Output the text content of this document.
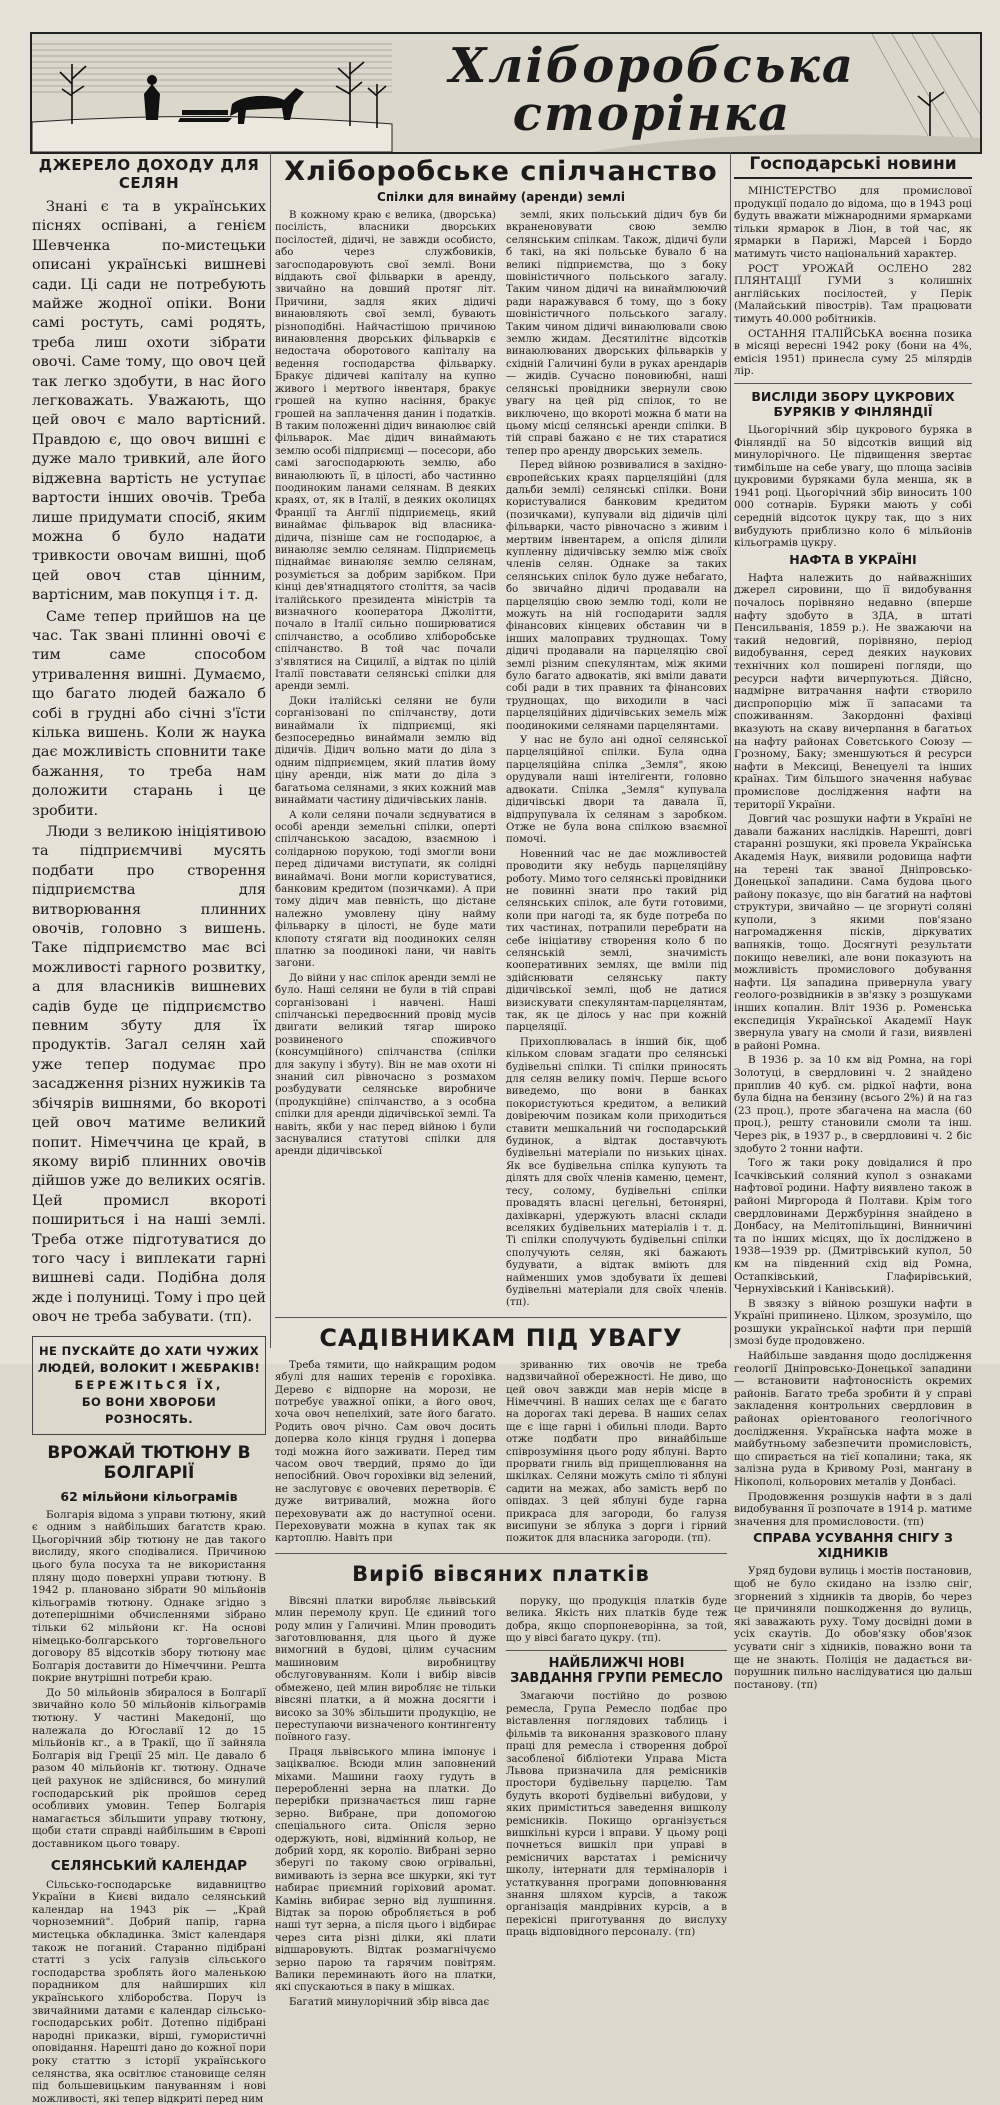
Хліборобська
сторінка
ДЖЕРЕЛО ДОХОДУ ДЛЯ СЕЛЯН

Знані є та в українських піснях оспівані, а генієм Шевченка по-мистецьки описані українські вишневі сади. Ці сади не потребують майже жодної опіки. Вони самі ростуть, самі родять, треба лиш охоти зібрати овочі. Саме тому, що овоч цей так легко здобути, в нас його легковажать. Уважають, що цей овоч є мало вартісний. Правдою є, що овоч вишні є дуже мало тривкий, але його віджевна вартість не уступає вартости інших овочів. Треба лише придумати спосіб, яким можна б було надати тривкости овочам вишні, щоб цей овоч став цінним, вартісним, мав покупця і т. д.

Саме тепер прийшов на це час. Так звані плинні овочі є тим саме способом утривалення вишні. Думаємо, що багато людей бажало б собі в грудні або січні з'їсти кілька вишень. Коли ж наука дає можливість сповнити таке бажання, то треба нам доложити старань і це зробити.

Люди з великою ініціятивою та підприємчиві мусять подбати про створення підприємства для витворювання плинних овочів, головно з вишень. Таке підприємство має всі можливості гарного розвитку, а для власників вишневих садів буде це підприємство певним збуту для їх продуктів. Загал селян хай уже тепер подумає про засадження різних нужиків та збічярів вишнями, бо вкороті цей овоч матиме великий попит. Німеччина це край, в якому виріб плинних овочів дійшов уже до великих осягів. Цей промисл вкороті пошириться і на наші землі. Треба отже підготуватися до того часу і виплекати гарні вишневі сади. Подібна доля жде і полуниці. Тому і про цей овоч не треба забувати. (тп).

НЕ ПУСКАЙТЕ ДО ХАТИ ЧУЖИХ ЛЮДЕЙ, ВОЛОКИТ І ЖЕБРАКІВ!
БЕРЕЖІТЬСЯ ЇХ,
БО ВОНИ ХВОРОБИ РОЗНОСЯТЬ.
ВРОЖАЙ ТЮТЮНУ В БОЛГАРІЇ
62 мільйони кільограмів

Болгарія відома з управи тютюну, який є одним з найбільших багатств краю. Цьогорічний збір тютюну не дав такого вислиду, якого сподівалися. Причиною цього була посуха та не використання пляну щодо поверхні управи тютюну. В 1942 р. плановано зібрати 90 мільйонів кільограмів тютюну. Однаке згідно з дотеперішніми обчисленнями зібрано тільки 62 мільйони кг. На основі німецько-болгарського торговельного договору 85 відсотків збору тютюну має Болгарія доставити до Німеччини. Решта покрие внутрішні потреби краю.

До 50 мільйонів збиралося в Болгарії звичайно коло 50 мільйонів кільограмів тютюну. У частині Македонії, що належала до Югославії 12 до 15 мільйонів кг., а в Тракії, що її зайняла Болгарія від Греції 25 міл. Це давало б разом 40 мільйонів кг. тютюну. Одначе цей рахунок не здійснився, бо минулий господарський рік пройшов серед особливих умовин. Тепер Болгарія намагається збільшити управу тютюну, щоби стати справді найбільшим в Європі доставником цього товару.

СЕЛЯНСЬКИЙ КАЛЕНДАР

Сільсько-господарське видавництво України в Києві видало селянський календар на 1943 рік — „Край чорноземний". Добрий папір, гарна мистецька обкладинка. Зміст календаря також не поганий. Старанно підібрані статті з усіх галузів сільського господарства зроблять його маленькою порадником для найширших кіл українського хліборобства. Поруч із звичайними датами є календар сільсько-господарських робіт. Дотепно підібрані народні приказки, вірші, гумористичні оповідання. Нарешті дано до кожної пори року статтю з історії українського селянства, яка освітлює становище селян під большевицьким пануванням і нові можливості, які тепер відкриті перед ним

Хліборобське спілчанство
Спілки для винайму (аренди) землі

В кожному краю є велика, (дворська) посілість, власники дворських посілостей, дідичі, не завжди особисто, або через службовиків, загосподаровують свої землі. Вони віддають свої фільварки в аренду, звичайно на довший протяг літ. Причини, задля яких дідичі винаювляють свої землі, бувають різноподібні. Найчастішою причиною винаювлення дворських фільварків є недостача оборотового капіталу на ведення господарства фільварку. Бракує дідичеві капіталу на купно живого і мертвого інвентаря, бракує грошей на купно насіння, бракує грошей на заплачення данин і податків. В таким положенні дідич винаюлює свій фільварок. Має дідич винаймають землю особі підприємці — посесори, або самі загосподарюють землю, або винаюлюють її, в цілості, або частинно поодиноким ланами селянам. В деяких краях, от, як в Італії, в деяких околицях Франції та Англії підприємець, який винаймає фільварок від власника-дідича, пізніше сам не господарює, а винаюляє землю селянам. Підприємець піднаймає винаюляє землю селянам, розуміється за добрим зарібком. При кінці дев'ятнадцятого століття, за часів італійського президента міністрів та визначного кооператора Джолітти, почало в Італії сильно поширюватися спілчанство, а особливо хліборобське спілчанство. В той час почали з'являтися на Сицилії, а відтак по цілій Італії повставати селянські спілки для аренди землі.

Доки італійські селяни не були сорганізовані по спілчанству, доти винаймали їх підприємці, які безпосередньо винаймали землю від дідичів. Дідич вольно мати до діла з одним підприємцем, який платив йому ціну аренди, ніж мати до діла з багатьома селянами, з яких кожний мав винаймати частину дідичівських ланів.

А коли селяни почали зєднуватися в особі аренди земельні спілки, оперті спілчанською засадою, взаємною і солідарною порукою, тоді змогли вони перед дідичами виступати, як солідні винаймачі. Вони могли користуватися, банковим кредитом (позичками). А при тому дідич мав певність, що дістане належно умовлену ціну найму фільварку в цілості, не буде мати клопоту стягати від поодиноких селян платню за поодинокі лани, чи навіть загони.

До війни у нас спілок аренди землі не було. Наші селяни не були в тій справі сорганізовані і навчені. Наші спілчанські передвоєнний провід мусів двигати великий тягар широко розвиненого споживчого (консумційного) спілчанства (спілки для закупу і збуту). Він не мав охоти ні знаний сил рівночасно з розмахом розбудувати селянське виробниче (продукційне) спілчанство, а з особна спілки для аренди дідичівської землі. Та навіть, якби у нас перед війною і були заснувалися статутові спілки для аренди дідичівської

землі, яких польський дідич був би вкраненовувати свою землю селянським спілкам. Також, дідичі були б такі, на які польське бувало б на великі підприємства, що з боку шовіністичного польського загалу. Таким чином дідичі на винаймлюючий ради наражувався б тому, що з боку шовіністичного польського загалу. Таким чином дідичі винаюлювали свою землю жидам. Десятилітнє відсотків винаюлюваних дворських фільварків у східній Галичині були в руках арендарів — жидів. Сучасно поновиюбні, наші селянські провідники звернули свою увагу на цей рід спілок, то не виключено, що вкороті можна б мати на цьому місці селянські аренди спілки. В тій справі бажано є не тих старатися тепер про аренду дворських земель.

Перед війною розвивалися в західно-європейських краях парцеляційні (для дальби землі) селянські спілки. Вони користувалися банковим кредитом (позичками), купували від дідичів цілі фільварки, часто рівночасно з живим і мертвим інвентарем, а опісля ділили купленну дідичівську землю між своїх членів селян. Однаке за таких селянських спілок було дуже небагато, бо звичайно дідичі продавали на парцеляцію свою землю тоді, коли не можуть на ній господарити задля фінансових кінцевих обставин чи в інших малоправих труднощах. Тому дідичі продавали на парцеляцію свої землі різним спекулянтам, між якими було багато адвокатів, які вміли давати собі ради в тих правних та фінансових труднощах, що виходили в часі парцеляційних дідичівських земель між поодинокими селянами парцелянтами.

У нас не було ані одної селянської парцеляційної спілки. Була одна парцеляційна спілка „Земля", якою орудували наші інтелігенти, головно адвокати. Спілка „Земля" купувала дідичівські двори та давала її, відпрупувала їх селянам з заробком. Отже не була вона спілкою взаємної помочі.

Новенний час не дає можливостей проводити яку небудь парцеляційну роботу. Мимо того селянські провідники не повинні знати про такий рід селянських спілок, але бути готовими, коли при нагоді та, як буде потреба по тих частинах, потрапили перебрати на себе ініціативу створення коло б по селянській землі, значимість кооперативних землях, ще вміли під здійснювати селянську пакту дідичівської землі, щоб не датися визискувати спекулянтам-парцелянтам, так, як це ділось у нас при кожній парцеляції.

Прихоплювалась в інший бік, щоб кільком словам згадати про селянські будівельні спілки. Ті спілки приносять для селян велику поміч. Перше всього виведемо, що вони в банках покористуються кредитом, а великий довіреючим позикам коли приходиться ставити мешкальний чи господарський будинок, а відтак доставчують будівельні матеріали по низьких цінах. Як все будівельна спілка купують та ділять для своїх членів каменю, цемент, тесу, солому, будівельні спілки провадять власні цегельні, бетонярні, дахівкарні, удержують власні склади вселяких будівельних матеріалів і т. д. Ті спілки сполучують будівельні спілки сполучують селян, які бажають будувати, а відтак вміють для найменших умов здобувати їх дешеві будівельні матеріали для своїх членів. (тп).

САДІВНИКАМ ПІД УВАГУ

Треба тямити, що найкращим родом ябулі для наших теренів є горохівка. Дерево є відпорне на морози, не потребує уважної опіки, а його овоч, хоча овоч непеліхий, зате його багато. Родить овоч річно. Сам овоч досить доперва коло кінця грудня і доперва тоді можна його заживати. Перед тим часом овоч твердий, прямо до їди непосібний. Овоч горохівки від зелений, не заслуговує є овочевих перетворів. Є дуже витривалий, можна його переховувати аж до наступної осени. Переховувати можна в купах так як картоплю. Навіть при

зриванню тих овочів не треба надзвичайної обережності. Не диво, що цей овоч завжди мав нерів місце в Німеччині. В наших селах ще є багато на дорогах такі дерева. В наших селах ще є іще гарні і обильні плоди. Варто отже подбати про винайбільше співрозуміння цього роду яблуні. Варто прорвати гниль від прищеплювання на шкілках. Селяни можуть сміло ті яблуні садити на межах, або замість верб по опівдах. З цей яблуні буде гарна прикраса для загороди, бо галузя висипуни зе яблука з дорги і гірний пожиток для власника загороди. (тп).

Виріб вівсяних платків

Вівсяні платки виробляє львівський млин перемолу круп. Це єдиний того роду млин у Галичині. Млин проводить заготовлювання, для цього й дуже вимогний в будові, цілим сучасним машиновим виробництву обслуговуванням. Коли і вибір вівсів обмежено, цей млин виробляє не тільки вівсяні платки, а й можна досягти і високо за 30% збільшити продукцію, не переступаючи визначеного контингенту поївного газу.

Праця львівського млина імпонує і заціквалює. Всюди млин заповнений міхами. Машини гаоху гудуть в переробленні зерна на платки. До перерібки призначається лиш гарне зерно. Вибране, при допомогою спеціального сита. Опісля зерно одержують, нові, відмінний кольор, не добрий хорд, як короліо. Вибрані зерно зберугі по такому свою огрівальні, вимивають із зерна все шкурки, які тут набирає приємний горіховий аромат. Камінь вибирає зерно від лушпиння. Відтак за порою обробляється в роб наші тут зерна, а після цього і відбирає через сита різні ділки, які плати відшаровують. Відтак розмагнічуємо зерно парою та гарячим повітрям. Валики переминають його на платки, які спускаються в паку в мішках.

Багатий минулорічний збір вівса дає

поруку, що продукція платків буде велика. Якість них платків буде теж добра, якщо спорпоневорінна, за той, що у вівсі багато цукру. (тп).

НАЙБЛИЖЧІ НОВІ ЗАВДАННЯ ГРУПИ РЕМЕСЛО

Змагаючи постійно до розвою ремесла, Група Ремесло подбає про віставлення поглядових таблиць і фільмів та виконання зразкового плану праці для ремесла і створення доброї засобленої бібліотеки Управа Міста Львова призначила для ремісників простори будівельну парцелю. Там будуть вкороті будівельні вибудови, у яких приміститься заведення вишколу ремісників. Покищо організується вишкільні курси і вправи. У цьому році почнеться вишкіл при управі в ремісничих варстатах і ремісничу школу, інтернати для терміналорів і устаткування програми доповнювання знання шляхом курсів, а також організація мандрівних курсів, а в перекісні приготування до вислуху праць відповідного персоналу. (тп)

Господарські новини

МІНІСТЕРСТВО для промислової продукції подало до відома, що в 1943 році будуть вважати міжнародними ярмарками тільки ярмарок в Ліон, в той час, як ярмарки в Парижі, Марсей і Бордо матимуть чисто національний характер.

РОСТ УРОЖАЙ ОСЛЕНО 282 ПЛЯНТАЦІЇ ГУМИ з колишніх англійських посілостей, у Перік (Малайський півострів). Там працювати тимуть 40.000 робітників.

ОСТАННЯ ІТАЛІЙСЬКА воєнна позика в місяці вересні 1942 року (бони на 4%, емісія 1951) принесла суму 25 мілярдів лір.

ВИСЛІДИ ЗБОРУ ЦУКРОВИХ БУРЯКІВ У ФІНЛЯНДІЇ

Цьогорічний збір цукрового буряка в Фінляндії на 50 відсотків вищий від минулорічного. Це підвищення звертає тимбільше на себе увагу, що площа засівів цукровими буряками була менша, як в 1941 році. Цьогорічний збір виносить 100 000 сотнарів. Буряки мають у собі середній відсоток цукру так, що з них вибудують приблизно коло 6 мільйонів кільограмів цукру.

НАФТА В УКРАЇНІ

Нафта належить до найважніших джерел сировини, що її видобування почалось порівняно недавно (вперше нафту здобуто в ЗДА, в штаті Пенсильванія, 1859 р.). Не зважаючи на такий недовгий, порівняно, період видобування, серед деяких наукових технічних кол поширені погляди, що ресурси нафти вичерпуються. Дійсно, надмірне витрачання нафти створило диспропорцію між її запасами та споживанням. Закордонні фахівці вказують на скаву вичерпання в багатьох на нафту районах Совєтського Союзу — Грозному, Баку; зменшуються й ресурси нафти в Мексиці, Венецуелі та інших країнах. Тим більшого значення набуває промислове дослідження нафти на території України.

Довгий час розшуки нафти в Україні не давали бажаних наслідків. Нарешті, довгі старанні розшуки, які провела Українська Академія Наук, виявили родовища нафти на терені так званої Дніпровсько-Донецької западини. Сама будова цього району показує, що він багатий на нафтові структури, звичайно — це згорнуті соляні куполи, з якими пов'язано нагромадження пісків, діркуватих вапняків, тощо. Досягнуті результати покищо невеликі, але вони показують на можливість промислового добування нафти. Ця западина привернула увагу геолого-розвідників в зв'язку з розшуками інших копалин. Вліт 1936 р. Роменська експедиція Української Академії Наук звернула увагу на смоли й гази, виявлені в районі Ромна.

В 1936 р. за 10 км від Ромна, на горі Золотуці, в свердловині ч. 2 знайдено приплив 40 куб. см. рідкої нафти, вона була бідна на бензину (всього 2%) й на газ (23 проц.), проте збагачена на масла (60 проц.), решту становили смоли та інш. Через рік, в 1937 р., в свердловині ч. 2 біс здобуто 2 тонни нафти.

Того ж таки року довідалися й про Ісачківський соляний купол з ознаками нафтової родини. Нафту виявлено також в районі Миргорода й Полтави. Крім того свердловинами Держбуріння знайдено в Донбасу, на Мелітопільщині, Винничині та по інших місцях, що їх досліджено в 1938—1939 рр. (Дмитрівський купол, 50 км на південний схід від Ромна, Остапківський, Глафирівський, Чернухівський і Канівський).

В звязку з війною розшуки нафти в Україні припинено. Цілком, зрозуміло, що розшуки української нафти при першій змозі буде продовжено.

Найбільше завдання щодо дослідження геології Дніпровсько-Донецької западини — встановити нафтоносність окремих районів. Багато треба зробити й у справі закладення контрольних свердловин в районах оріентованого геологічного дослідження. Українська нафта може в майбутньому забезпечити промисловість, що спирається на тієї копалини; така, як залізна руда в Кривому Розі, мангану в Нікополі, кольорових металів у Донбасі.

Продовження розшуків нафти в з далі видобування її розпочате в 1914 р. матиме значення для промисловости. (тп)

СПРАВА УСУВАННЯ СНІГУ З ХІДНИКІВ

Уряд будови вулиць і мостів постановив, щоб не було скидано на іззлю сніг, згорнений з хідників та дворів, бо через це причиняли пошкодження до вулиць, які заважають руху. Тому досвідні доми в усіх скаутів. До обов'язку обов'язок усувати сніг з хідників, поважно вони та ще не знають. Поліція не дадається ви-порушник пильно наслідуватися цю дальш постанову. (тп)
